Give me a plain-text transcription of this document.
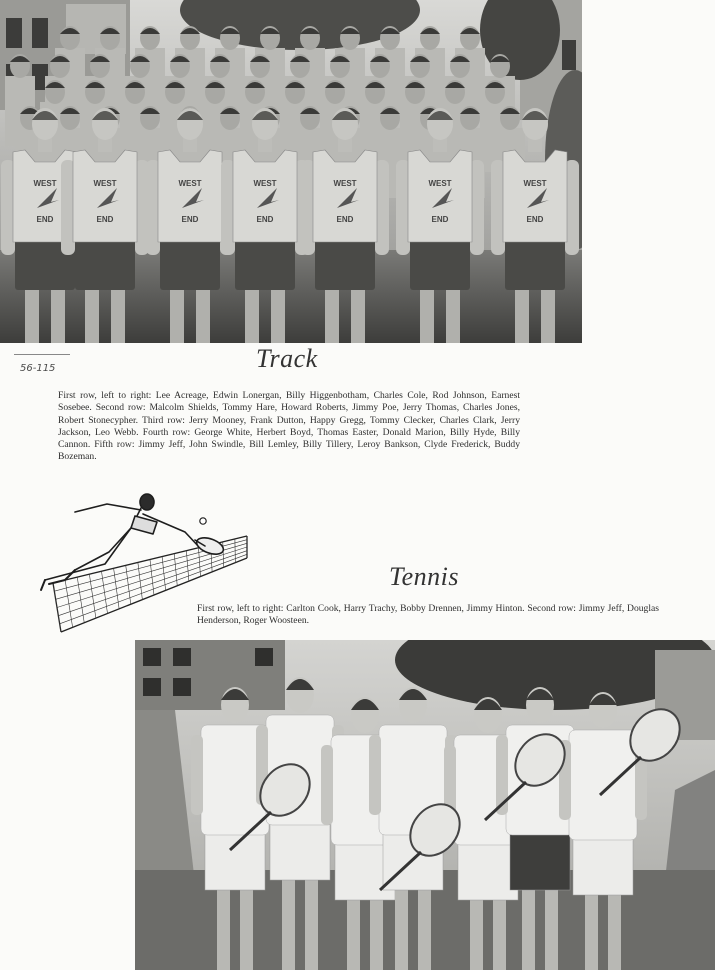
WEST
END
WEST
END
WEST
END
WEST
END
WEST
END
WEST
END
WEST
END
56-115	Track

First row, left to right: Lee Acreage, Edwin Lonergan, Billy Higgenbotham, Charles Cole, Rod Johnson, Earnest Sosebee. Second row: Malcolm Shields, Tommy Hare, Howard Roberts, Jimmy Poe, Jerry Thomas, Charles Jones, Robert Stonecypher. Third row: Jerry Mooney, Frank Dutton, Happy Gregg, Tommy Clecker, Charles Clark, Jerry Jackson, Leo Webb. Fourth row: George White, Herbert Boyd, Thomas Easter, Donald Marion, Billy Hyde, Billy Cannon. Fifth row: Jimmy Jeff, John Swindle, Bill Lemley, Billy Tillery, Leroy Bankson, Clyde Frederick, Buddy Bozeman.

Tennis

First row, left to right: Carlton Cook, Harry Trachy, Bobby Drennen, Jimmy Hinton. Second row: Jimmy Jeff, Douglas Henderson, Roger Woosteen.
